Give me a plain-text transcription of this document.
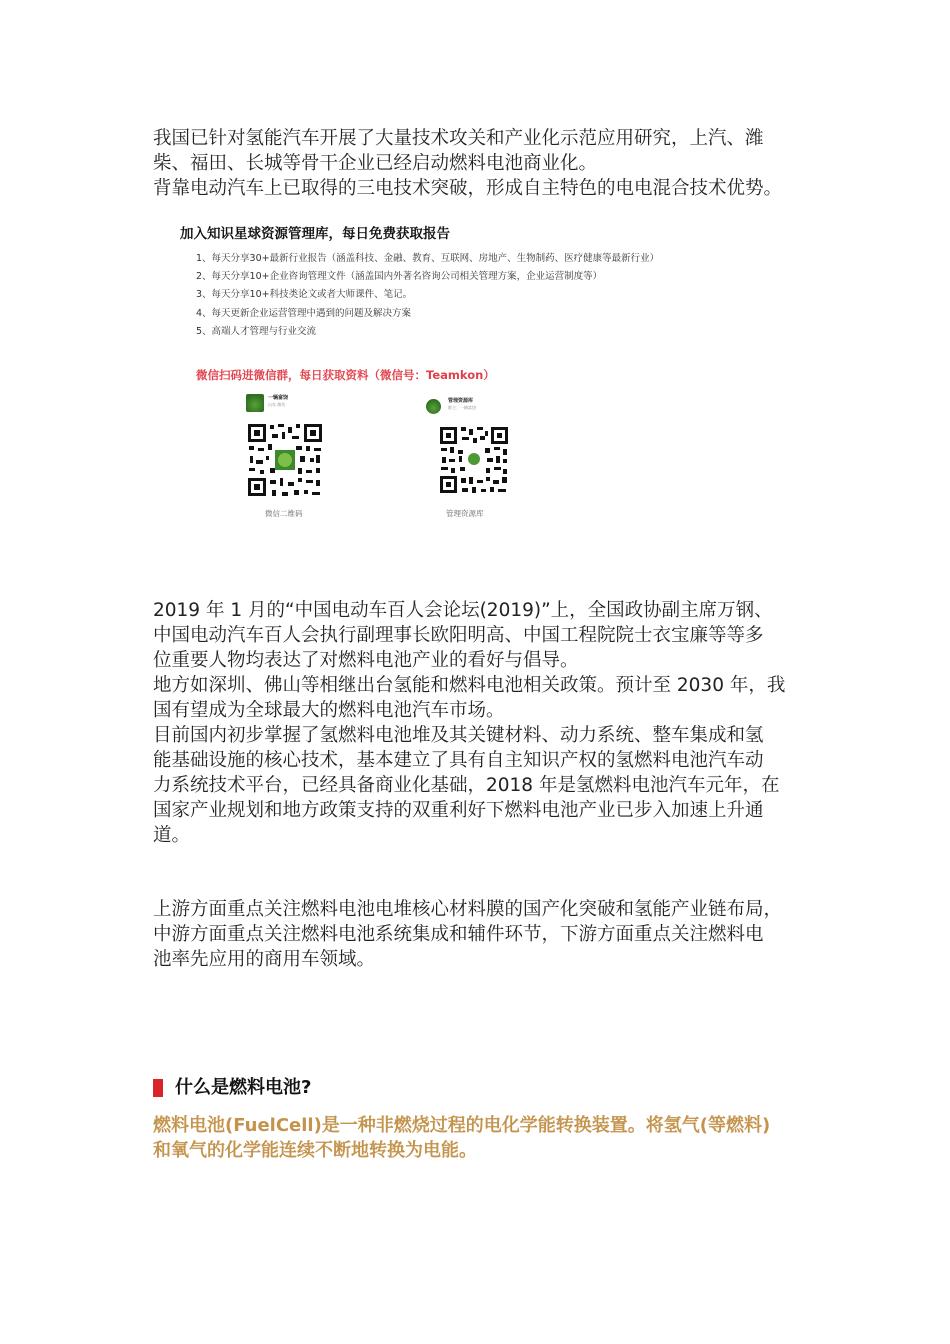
我国已针对氢能汽车开展了大量技术攻关和产业化示范应用研究，上汽、潍

柴、福田、长城等骨干企业已经启动燃料电池商业化。

背靠电动汽车上已取得的三电技术突破，形成自主特色的电电混合技术优势。

加入知识星球资源管理库，每日免费获取报告
1、每天分享30+最新行业报告（涵盖科技、金融、教育、互联网、房地产、生物制药、医疗健康等最新行业）
2、每天分享10+企业咨询管理文件（涵盖国内外著名咨询公司相关管理方案，企业运营制度等）
3、每天分享10+科技类论文或者大师课件、笔记。
4、每天更新企业运营管理中遇到的问题及解决方案
5、高端人才管理与行业交流
微信扫码进微信群，每日获取资料（微信号：Teamkon）
一辆富饶
山东 潍坊
微信二维码
管理资源库
群主：一辆富饶
管理资源库

2019 年 1 月的“中国电动车百人会论坛(2019)”上，全国政协副主席万钢、

中国电动汽车百人会执行副理事长欧阳明高、中国工程院院士衣宝廉等等多

位重要人物均表达了对燃料电池产业的看好与倡导。

地方如深圳、佛山等相继出台氢能和燃料电池相关政策。预计至 2030 年，我

国有望成为全球最大的燃料电池汽车市场。

目前国内初步掌握了氢燃料电池堆及其关键材料、动力系统、整车集成和氢

能基础设施的核心技术，基本建立了具有自主知识产权的氢燃料电池汽车动

力系统技术平台，已经具备商业化基础，2018 年是氢燃料电池汽车元年，在

国家产业规划和地方政策支持的双重利好下燃料电池产业已步入加速上升通

道。

上游方面重点关注燃料电池电堆核心材料膜的国产化突破和氢能产业链布局，

中游方面重点关注燃料电池系统集成和辅件环节，下游方面重点关注燃料电

池率先应用的商用车领域。

什么是燃料电池?

燃料电池(FuelCell)是一种非燃烧过程的电化学能转换装置。将氢气(等燃料)

和氧气的化学能连续不断地转换为电能。
